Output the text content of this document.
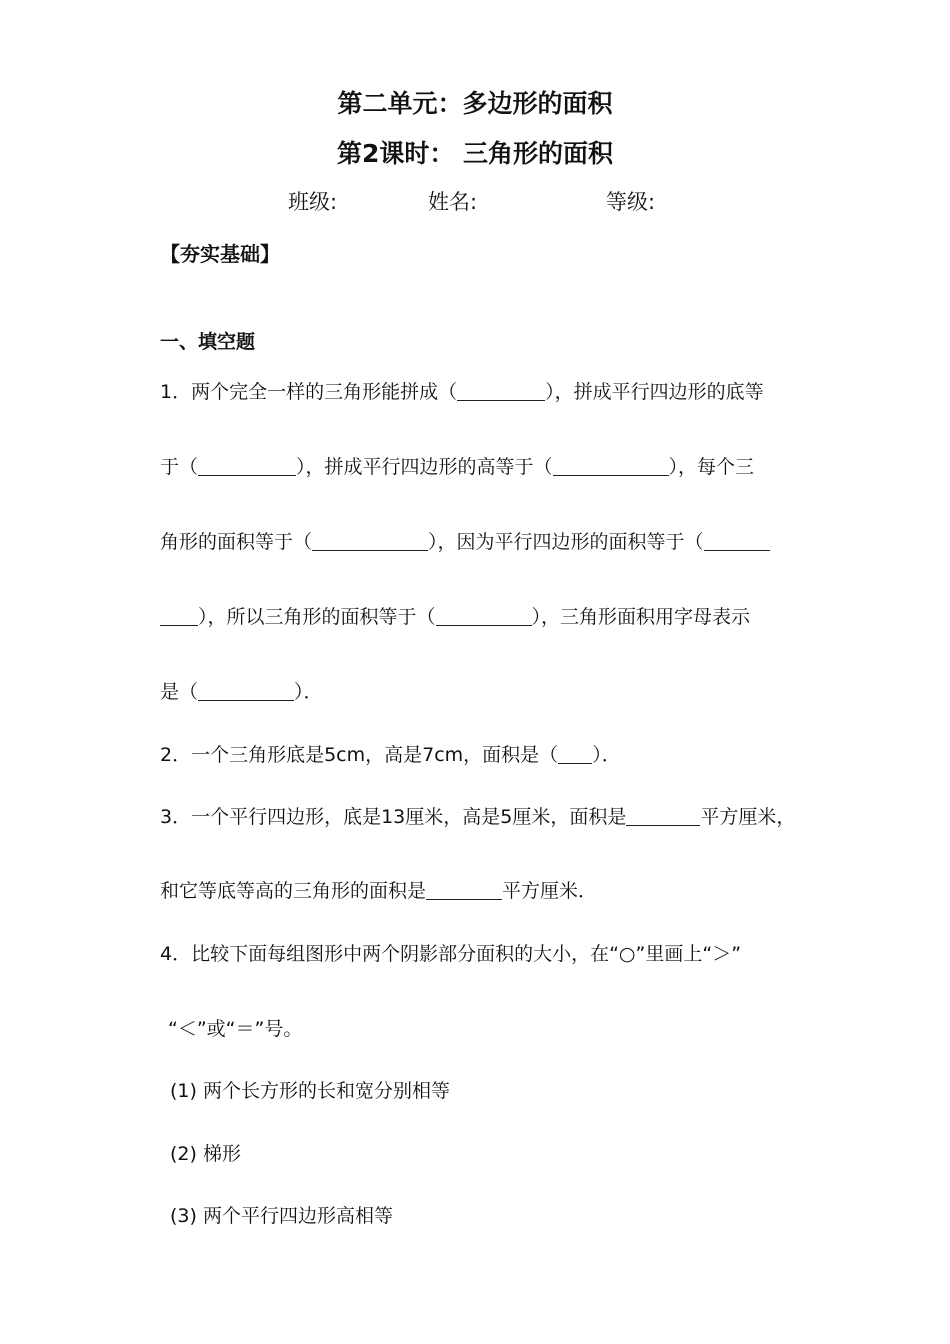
第二单元：多边形的面积
第2课时： 三角形的面积
班级:	姓名:	等级:
【夯实基础】
一、填空题
1．两个完全一样的三角形能拼成（	），拼成平行四边形的底等
于（	），拼成平行四边形的高等于（	），每个三
角形的面积等于（	），因为平行四边形的面积等于（
），所以三角形的面积等于（	），三角形面积用字母表示
是（	）．
2．一个三角形底是5cm，高是7cm，面积是（ ）．
3．一个平行四边形，底是13厘米，高是5厘米，面积是	平方厘米，
和它等底等高的三角形的面积是	平方厘米．
4．比较下面每组图形中两个阴影部分面积的大小，在“○”里画上“＞”
“＜”或“＝”号。
(1) 两个长方形的长和宽分别相等
(2) 梯形
(3) 两个平行四边形高相等
